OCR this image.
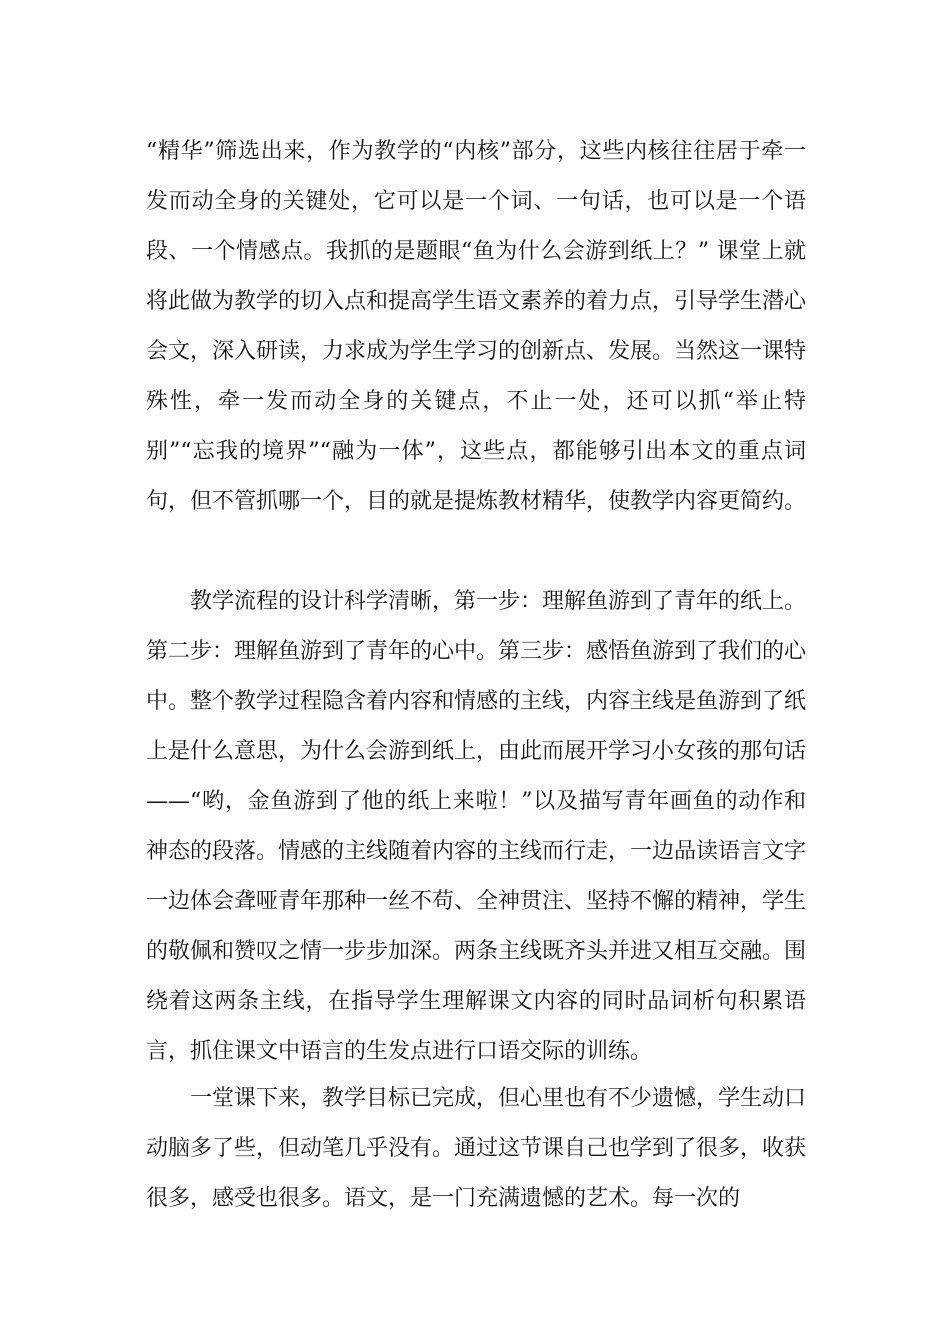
“精华”筛选出来，作为教学的“内核”部分，这些内核往往居于牵一发而动全身的关键处，它可以是一个词、一句话，也可以是一个语段、一个情感点。我抓的是题眼“鱼为什么会游到纸上？” 课堂上就将此做为教学的切入点和提高学生语文素养的着力点，引导学生潜心会文，深入研读，力求成为学生学习的创新点、发展。当然这一课特殊性，牵一发而动全身的关键点，不止一处，还可以抓“举止特别”“忘我的境界”“融为一体”，这些点，都能够引出本文的重点词句，但不管抓哪一个，目的就是提炼教材精华，使教学内容更简约。

教学流程的设计科学清晰，第一步：理解鱼游到了青年的纸上。第二步：理解鱼游到了青年的心中。第三步：感悟鱼游到了我们的心中。整个教学过程隐含着内容和情感的主线，内容主线是鱼游到了纸上是什么意思，为什么会游到纸上，由此而展开学习小女孩的那句话——“哟，金鱼游到了他的纸上来啦！”以及描写青年画鱼的动作和神态的段落。情感的主线随着内容的主线而行走，一边品读语言文字一边体会聋哑青年那种一丝不苟、全神贯注、坚持不懈的精神，学生的敬佩和赞叹之情一步步加深。两条主线既齐头并进又相互交融。围绕着这两条主线，在指导学生理解课文内容的同时品词析句积累语言，抓住课文中语言的生发点进行口语交际的训练。

一堂课下来，教学目标已完成，但心里也有不少遗憾，学生动口动脑多了些，但动笔几乎没有。通过这节课自己也学到了很多，收获很多，感受也很多。语文，是一门充满遗憾的艺术。每一次的
